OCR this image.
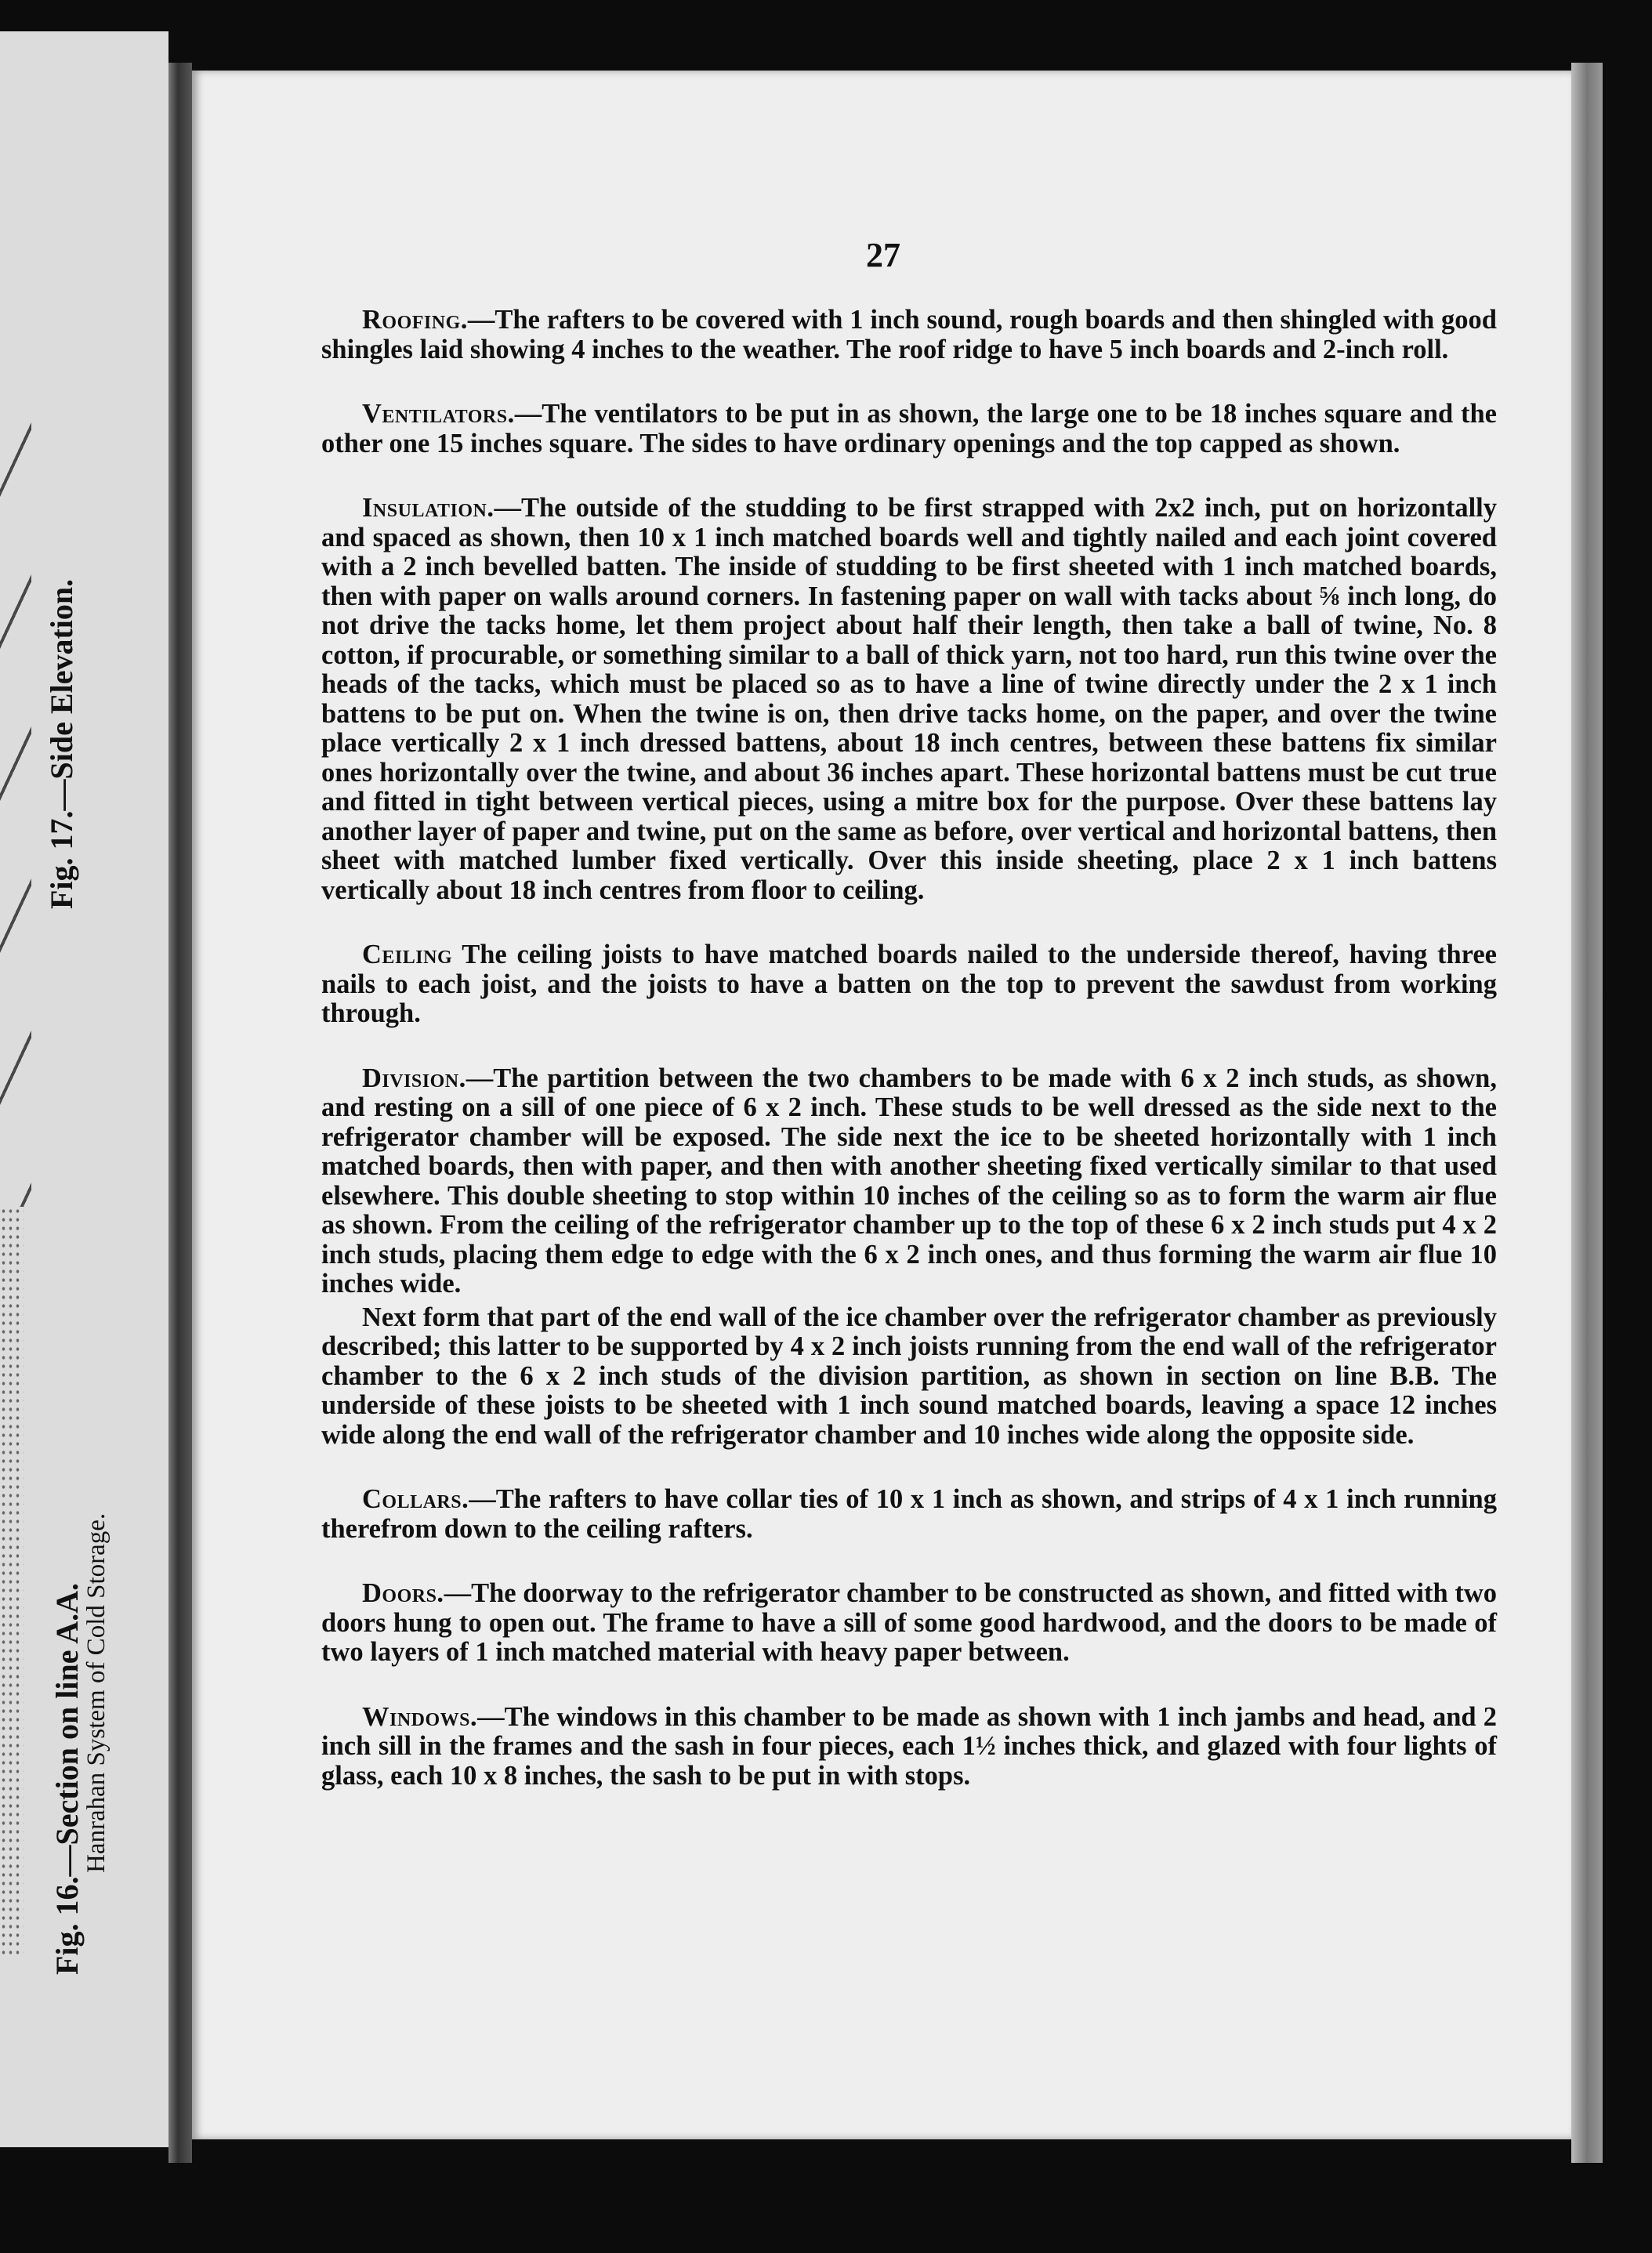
Fig. 17.—Side Elevation.
Fig. 16.—Section on line A.A.
Hanrahan System of Cold Storage.
27

Roofing.—The rafters to be covered with 1 inch sound, rough boards and then shingled with good shingles laid showing 4 inches to the weather. The roof ridge to have 5 inch boards and 2-inch roll.

Ventilators.—The ventilators to be put in as shown, the large one to be 18 inches square and the other one 15 inches square. The sides to have ordinary openings and the top capped as shown.

Insulation.—The outside of the studding to be first strapped with 2x2 inch, put on horizontally and spaced as shown, then 10 x 1 inch matched boards well and tightly nailed and each joint covered with a 2 inch bevelled batten. The inside of studding to be first sheeted with 1 inch matched boards, then with paper on walls around corners. In fastening paper on wall with tacks about ⅝ inch long, do not drive the tacks home, let them project about half their length, then take a ball of twine, No. 8 cotton, if procurable, or something similar to a ball of thick yarn, not too hard, run this twine over the heads of the tacks, which must be placed so as to have a line of twine directly under the 2 x 1 inch battens to be put on. When the twine is on, then drive tacks home, on the paper, and over the twine place vertically 2 x 1 inch dressed battens, about 18 inch centres, between these battens fix similar ones horizontally over the twine, and about 36 inches apart. These horizontal battens must be cut true and fitted in tight between vertical pieces, using a mitre box for the purpose. Over these battens lay another layer of paper and twine, put on the same as before, over vertical and horizontal battens, then sheet with matched lumber fixed vertically. Over this inside sheeting, place 2 x 1 inch battens vertically about 18 inch centres from floor to ceiling.

Ceiling The ceiling joists to have matched boards nailed to the underside thereof, having three nails to each joist, and the joists to have a batten on the top to prevent the sawdust from working through.

Division.—The partition between the two chambers to be made with 6 x 2 inch studs, as shown, and resting on a sill of one piece of 6 x 2 inch. These studs to be well dressed as the side next to the refrigerator chamber will be exposed. The side next the ice to be sheeted horizontally with 1 inch matched boards, then with paper, and then with another sheeting fixed vertically similar to that used elsewhere. This double sheeting to stop within 10 inches of the ceiling so as to form the warm air flue as shown. From the ceiling of the refrigerator chamber up to the top of these 6 x 2 inch studs put 4 x 2 inch studs, placing them edge to edge with the 6 x 2 inch ones, and thus forming the warm air flue 10 inches wide.

Next form that part of the end wall of the ice chamber over the refrigerator chamber as previously described; this latter to be supported by 4 x 2 inch joists running from the end wall of the refrigerator chamber to the 6 x 2 inch studs of the division partition, as shown in section on line B.B. The underside of these joists to be sheeted with 1 inch sound matched boards, leaving a space 12 inches wide along the end wall of the refrigerator chamber and 10 inches wide along the opposite side.

Collars.—The rafters to have collar ties of 10 x 1 inch as shown, and strips of 4 x 1 inch running therefrom down to the ceiling rafters.

Doors.—The doorway to the refrigerator chamber to be constructed as shown, and fitted with two doors hung to open out. The frame to have a sill of some good hardwood, and the doors to be made of two layers of 1 inch matched material with heavy paper between.

Windows.—The windows in this chamber to be made as shown with 1 inch jambs and head, and 2 inch sill in the frames and the sash in four pieces, each 1½ inches thick, and glazed with four lights of glass, each 10 x 8 inches, the sash to be put in with stops.
